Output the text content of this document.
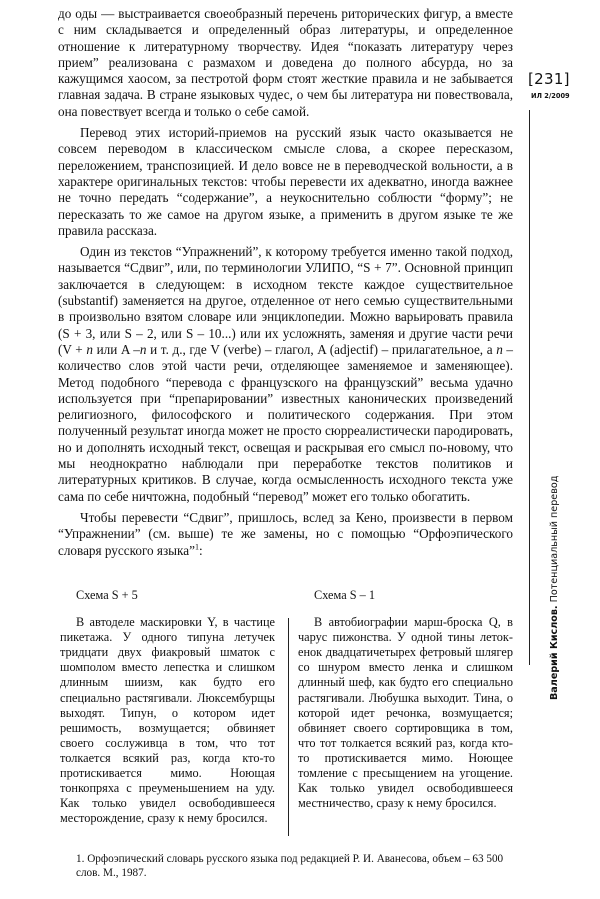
до оды — выстраивается своеобразный перечень риторических фигур, а вместе с ним складывается и определенный образ литературы, и определенное отношение к литературному творчеству. Идея “показать литературу через прием” реализована с размахом и доведена до полного абсурда, но за кажущимся хаосом, за пестротой форм стоят жесткие правила и не забывается главная задача. В стране языковых чудес, о чем бы литература ни повествовала, она повествует всегда и только о себе самой.

Перевод этих историй-приемов на русский язык часто оказывается не совсем переводом в классическом смысле слова, а скорее пересказом, переложением, транспозицией. И дело вовсе не в переводческой вольности, а в характере оригинальных текстов: чтобы перевести их адекватно, иногда важнее не точно передать “содержание”, а неукоснительно соблюсти “форму”; не пересказать то же самое на другом языке, а применить в другом языке те же правила рассказа.

Один из текстов “Упражнений”, к которому требуется именно такой подход, называется “Сдвиг”, или, по терминологии УЛИПО, “S + 7”. Основной принцип заключается в следующем: в исходном тексте каждое существительное (substantif) заменяется на другое, отделенное от него семью существительными в произвольно взятом словаре или энциклопедии. Можно варьировать правила (S + 3, или S – 2, или S – 10...) или их усложнять, заменяя и другие части речи (V + n или A –n и т. д., где V (verbe) – глагол, A (adjectif) – прилагательное, а n – количество слов этой части речи, отделяющее заменяемое и заменяющее). Метод подобного “перевода с французского на французский” весьма удачно используется при “препарировании” известных канонических произведений религиозного, философского и политического содержания. При этом полученный результат иногда может не просто сюрреалистически пародировать, но и дополнять исходный текст, освещая и раскрывая его смысл по-новому, что мы неоднократно наблюдали при переработке текстов политиков и литературных критиков. В случае, когда осмысленность исходного текста уже сама по себе ничтожна, подобный “перевод” может его только обогатить.

Чтобы перевести “Сдвиг”, пришлось, вслед за Кено, произвести в первом “Упражнении” (см. выше) те же замены, но с помощью “Орфоэпического словаря русского языка”$^1$:

Схема S + 5

В автоделе маскировки Y, в частице пикетажа. У одного типуна летучек тридцати двух фиакровый шматок с шомполом вместо лепестка и слишком длинным шиизм, как будто его специально растягивали. Люксембурщы выходят. Типун, о котором идет решимость, возмущается; обвиняет своего сослуживца в том, что тот толкается всякий раз, когда кто-то протискивается мимо. Ноющая тонкопряха с преуменьшением на уду. Как только увидел освободившееся месторождение, сразу к нему бросился.

Схема S – 1

В автобиографии марш-броска Q, в чарус пижонства. У одной тины леток-енок двадцатичетырех фетровый шлягер со шнуром вместо ленка и слишком длинный шеф, как будто его специально растягивали. Любушка выходит. Тина, о которой идет речонка, возмущается; обвиняет своего сортировщика в том, что тот толкается всякий раз, когда кто-то протискивается мимо. Ноющее томление с пресыщением на угощение. Как только увидел освободившееся местничество, сразу к нему бросился.

1. Орфоэпический словарь русского языка под редакцией Р. И. Аванесова, объем – 63 500 слов. М., 1987.
[231]
ИЛ 2/2009
Валерий Кислов. Потенциальный перевод
